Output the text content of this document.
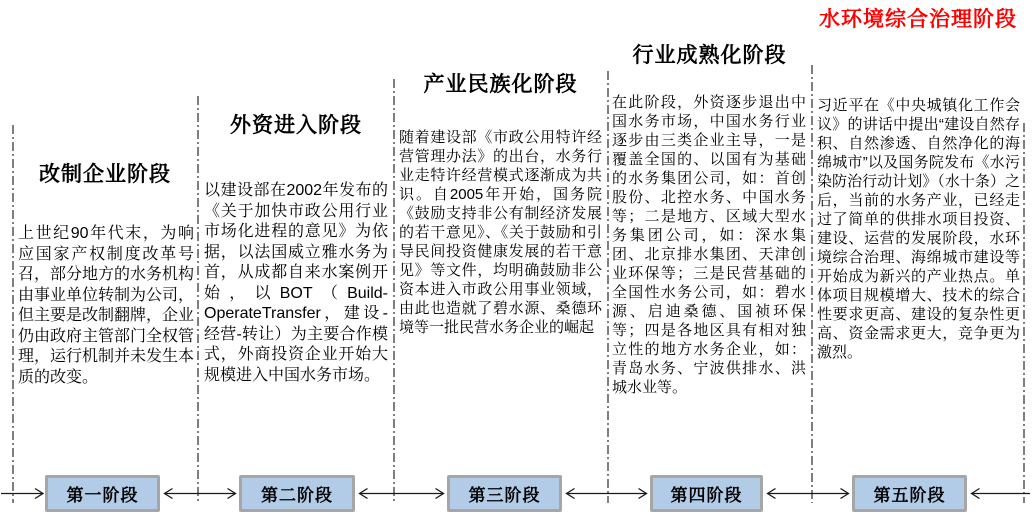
改制企业阶段
外资进入阶段
产业民族化阶段
行业成熟化阶段
水环境综合治理阶段
上世纪90年代末，为响应国家产权制度改革号召，部分地方的水务机构由事业单位转制为公司，但主要是改制翻牌，企业仍由政府主管部门全权管理，运行机制并未发生本质的改变。
以建设部在2002年发布的《关于加快市政公用行业市场化进程的意见》为依据，以法国威立雅水务为首，从成都自来水案例开始，以BOT（Build-OperateTransfer，建设-经营-转让）为主要合作模式，外商投资企业开始大规模进入中国水务市场。
随着建设部《市政公用特许经营管理办法》的出台，水务行业走特许经营模式逐渐成为共识。自2005年开始，国务院《鼓励支持非公有制经济发展的若干意见》、《关于鼓励和引导民间投资健康发展的若干意见》等文件，均明确鼓励非公资本进入市政公用事业领域，由此也造就了碧水源、桑德环境等一批民营水务企业的崛起
在此阶段，外资逐步退出中国水务市场，中国水务行业逐步由三类企业主导，一是覆盖全国的、以国有为基础的水务集团公司，如：首创股份、北控水务、中国水务等；二是地方、区域大型水务集团公司，如：深水集团、北京排水集团、天津创业环保等；三是民营基础的全国性水务公司，如：碧水源、启迪桑德、国祯环保等；四是各地区具有相对独立性的地方水务企业，如：青岛水务、宁波供排水、洪城水业等。
习近平在《中央城镇化工作会议》的讲话中提出“建设自然存积、自然渗透、自然净化的海绵城市”以及国务院发布《水污染防治行动计划》（水十条）之后，当前的水务产业，已经走过了简单的供排水项目投资、建设、运营的发展阶段，水环境综合治理、海绵城市建设等开始成为新兴的产业热点。单体项目规模增大、技术的综合性要求更高、建设的复杂性更高、资金需求更大，竞争更为激烈。
第一阶段	第二阶段	第三阶段	第四阶段	第五阶段
